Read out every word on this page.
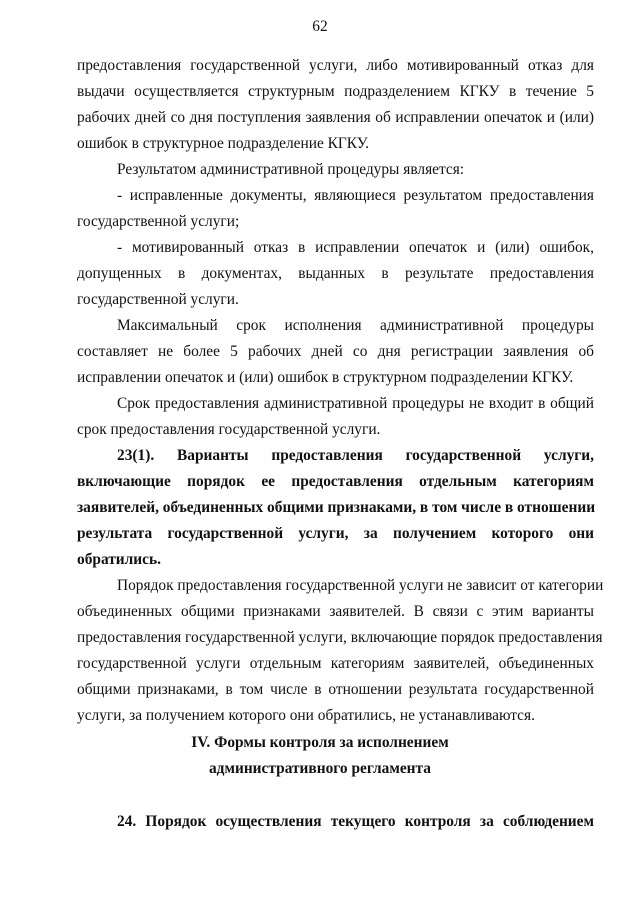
62
предоставления государственной услуги, либо мотивированный отказ для
выдачи осуществляется структурным подразделением КГКУ в течение 5
рабочих дней со дня поступления заявления об исправлении опечаток и (или)
ошибок в структурное подразделение КГКУ.
Результатом административной процедуры является:
- исправленные документы, являющиеся результатом предоставления
государственной услуги;
- мотивированный отказ в исправлении опечаток и (или) ошибок,
допущенных в документах, выданных в результате предоставления
государственной услуги.
Максимальный срок исполнения административной процедуры
составляет не более 5 рабочих дней со дня регистрации заявления об
исправлении опечаток и (или) ошибок в структурном подразделении КГКУ.
Срок предоставления административной процедуры не входит в общий
срок предоставления государственной услуги.
23(1). Варианты предоставления государственной услуги,
включающие порядок ее предоставления отдельным категориям
заявителей, объединенных общими признаками, в том числе в отношении
результата государственной услуги, за получением которого они
обратились.
Порядок предоставления государственной услуги не зависит от категории
объединенных общими признаками заявителей. В связи с этим варианты
предоставления государственной услуги, включающие порядок предоставления
государственной услуги отдельным категориям заявителей, объединенных
общими признаками, в том числе в отношении результата государственной
услуги, за получением которого они обратились, не устанавливаются.
IV. Формы контроля за исполнением
административного регламента
24. Порядок осуществления текущего контроля за соблюдением
